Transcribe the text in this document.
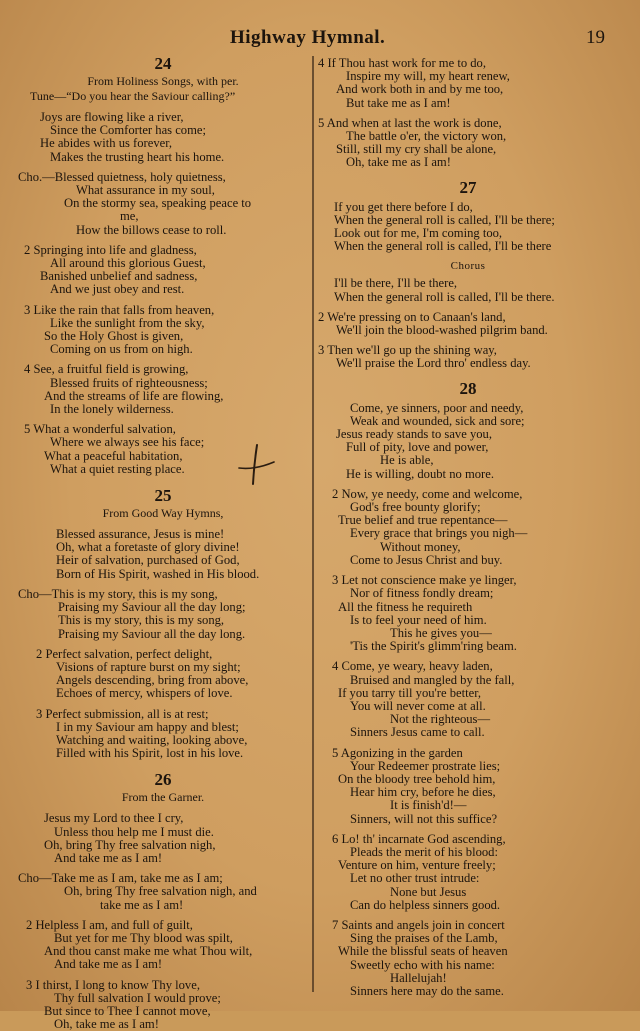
Highway Hymnal.	19
24
From Holiness Songs, with per.
Tune—“Do you hear the Saviour calling?”
Joys are flowing like a river,
Since the Comforter has come;
He abides with us forever,
Makes the trusting heart his home.
Cho.—Blessed quietness, holy quietness,
What assurance in my soul,
On the stormy sea, speaking peace to
me,
How the billows cease to roll.
2 Springing into life and gladness,
All around this glorious Guest,
Banished unbelief and sadness,
And we just obey and rest.
3 Like the rain that falls from heaven,
Like the sunlight from the sky,
So the Holy Ghost is given,
Coming on us from on high.
4 See, a fruitful field is growing,
Blessed fruits of righteousness;
And the streams of life are flowing,
In the lonely wilderness.
5 What a wonderful salvation,
Where we always see his face;
What a peaceful habitation,
What a quiet resting place.
25
From Good Way Hymns,
Blessed assurance, Jesus is mine!
Oh, what a foretaste of glory divine!
Heir of salvation, purchased of God,
Born of His Spirit, washed in His blood.
Cho—This is my story, this is my song,
Praising my Saviour all the day long;
This is my story, this is my song,
Praising my Saviour all the day long.
2 Perfect salvation, perfect delight,
Visions of rapture burst on my sight;
Angels descending, bring from above,
Echoes of mercy, whispers of love.
3 Perfect submission, all is at rest;
I in my Saviour am happy and blest;
Watching and waiting, looking above,
Filled with his Spirit, lost in his love.
26
From the Garner.
Jesus my Lord to thee I cry,
Unless thou help me I must die.
Oh, bring Thy free salvation nigh,
And take me as I am!
Cho—Take me as I am, take me as I am;
Oh, bring Thy free salvation nigh, and
take me as I am!
2 Helpless I am, and full of guilt,
But yet for me Thy blood was spilt,
And thou canst make me what Thou wilt,
And take me as I am!
3 I thirst, I long to know Thy love,
Thy full salvation I would prove;
But since to Thee I cannot move,
Oh, take me as I am!
4 If Thou hast work for me to do,
Inspire my will, my heart renew,
And work both in and by me too,
But take me as I am!
5 And when at last the work is done,
The battle o'er, the victory won,
Still, still my cry shall be alone,
Oh, take me as I am!
27
If you get there before I do,
When the general roll is called, I'll be there;
Look out for me, I'm coming too,
When the general roll is called, I'll be there
Chorus
I'll be there, I'll be there,
When the general roll is called, I'll be there.
2 We're pressing on to Canaan's land,
We'll join the blood-washed pilgrim band.
3 Then we'll go up the shining way,
We'll praise the Lord thro' endless day.
28
Come, ye sinners, poor and needy,
Weak and wounded, sick and sore;
Jesus ready stands to save you,
Full of pity, love and power,
He is able,
He is willing, doubt no more.
2 Now, ye needy, come and welcome,
God's free bounty glorify;
True belief and true repentance—
Every grace that brings you nigh—
Without money,
Come to Jesus Christ and buy.
3 Let not conscience make ye linger,
Nor of fitness fondly dream;
All the fitness he requireth
Is to feel your need of him.
This he gives you—
'Tis the Spirit's glimm'ring beam.
4 Come, ye weary, heavy laden,
Bruised and mangled by the fall,
If you tarry till you're better,
You will never come at all.
Not the righteous—
Sinners Jesus came to call.
5 Agonizing in the garden
Your Redeemer prostrate lies;
On the bloody tree behold him,
Hear him cry, before he dies,
It is finish'd!—
Sinners, will not this suffice?
6 Lo! th' incarnate God ascending,
Pleads the merit of his blood:
Venture on him, venture freely;
Let no other trust intrude:
None but Jesus
Can do helpless sinners good.
7 Saints and angels join in concert
Sing the praises of the Lamb,
While the blissful seats of heaven
Sweetly echo with his name:
Hallelujah!
Sinners here may do the same.
